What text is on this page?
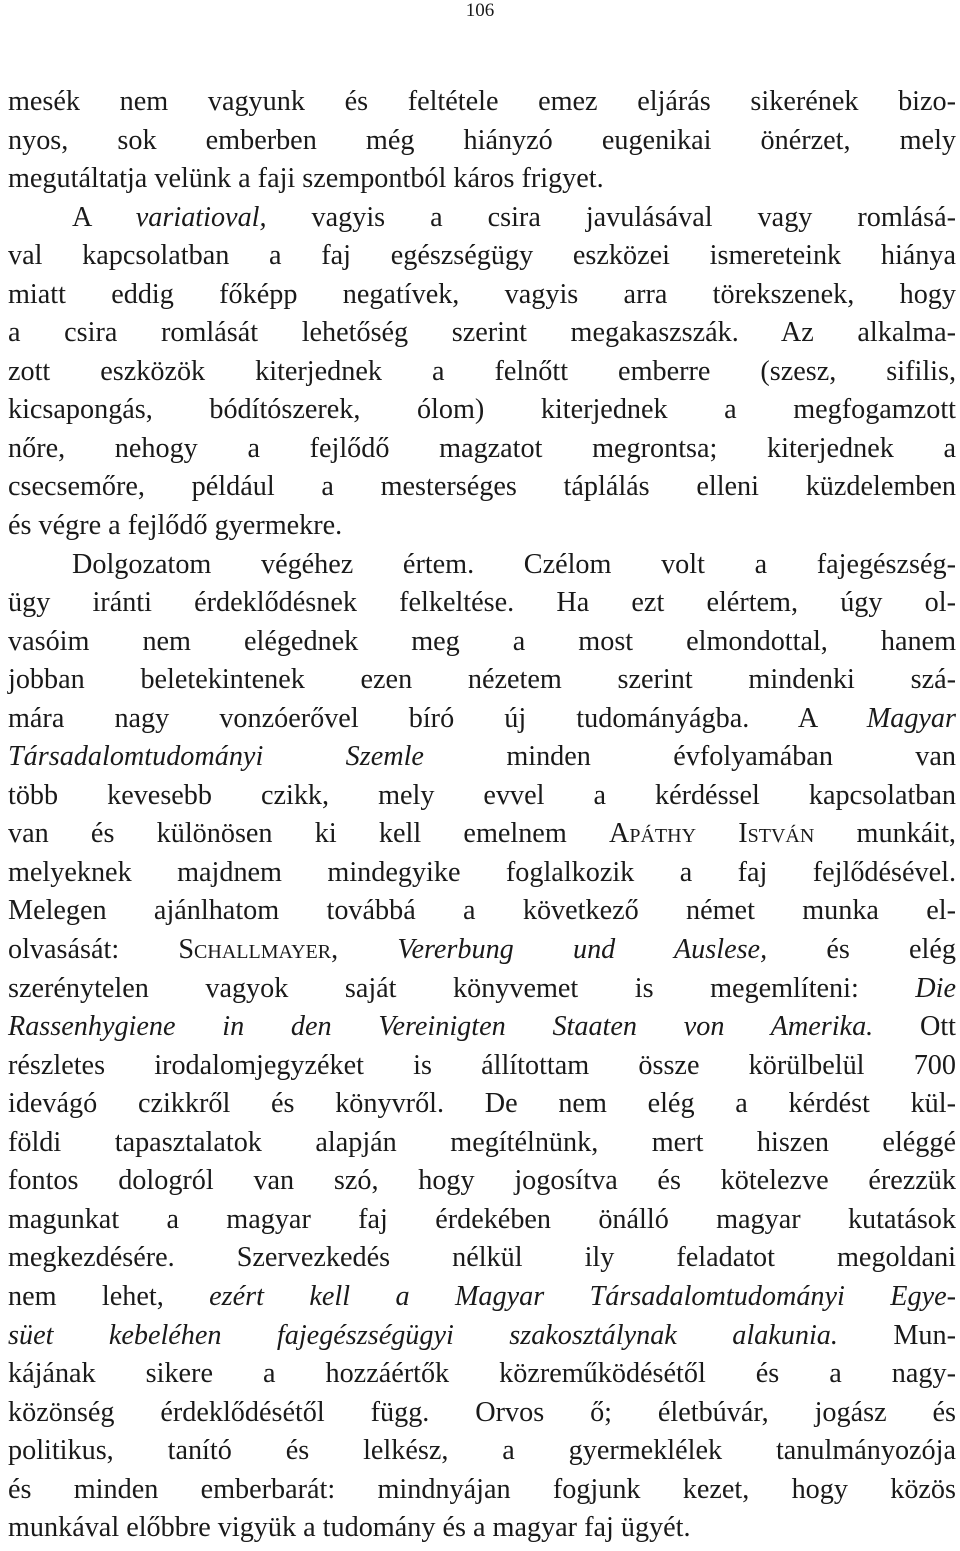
106
mesék nem vagyunk és feltétele emez eljárás sikerének bizo-
nyos, sok emberben még hiányzó eugenikai önérzet, mely
megutáltatja velünk a faji szempontból káros frigyet.
A variatioval, vagyis a csira javulásával vagy romlásá-
val kapcsolatban a faj egészségügy eszközei ismereteink hiánya
miatt eddig főképp negatívek, vagyis arra törekszenek, hogy
a csira romlását lehetőség szerint megakaszszák. Az alkalma-
zott eszközök kiterjednek a felnőtt emberre (szesz, sifilis,
kicsapongás, bódítószerek, ólom) kiterjednek a megfogamzott
nőre, nehogy a fejlődő magzatot megrontsa; kiterjednek a
csecsemőre, például a mesterséges táplálás elleni küzdelemben
és végre a fejlődő gyermekre.
Dolgozatom végéhez értem. Czélom volt a fajegészség-
ügy iránti érdeklődésnek felkeltése. Ha ezt elértem, úgy ol-
vasóim nem elégednek meg a most elmondottal, hanem
jobban beletekintenek ezen nézetem szerint mindenki szá-
mára nagy vonzóerővel bíró új tudományágba. A Magyar
Társadalomtudományi Szemle minden évfolyamában van
több kevesebb czikk, mely evvel a kérdéssel kapcsolatban
van és különösen ki kell emelnem Apáthy István munkáit,
melyeknek majdnem mindegyike foglalkozik a faj fejlődésével.
Melegen ajánlhatom továbbá a következő német munka el-
olvasását: Schallmayer, Vererbung und Auslese, és elég
szerénytelen vagyok saját könyvemet is megemlíteni: Die
Rassenhygiene in den Vereinigten Staaten von Amerika. Ott
részletes irodalomjegyzéket is állítottam össze körülbelül 700
idevágó czikkről és könyvről. De nem elég a kérdést kül-
földi tapasztalatok alapján megítélnünk, mert hiszen eléggé
fontos dologról van szó, hogy jogosítva és kötelezve érezzük
magunkat a magyar faj érdekében önálló magyar kutatások
megkezdésére. Szervezkedés nélkül ily feladatot megoldani
nem lehet, ezért kell a Magyar Társadalomtudományi Egye-
süet kebeléhen fajegészségügyi szakosztálynak alakunia. Mun-
kájának sikere a hozzáértők közreműködésétől és a nagy-
közönség érdeklődésétől függ. Orvos ő; életbúvár, jogász és
politikus, tanító és lelkész, a gyermeklélek tanulmányozója
és minden emberbarát: mindnyájan fogjunk kezet, hogy közös
munkával előbbre vigyük a tudomány és a magyar faj ügyét.
